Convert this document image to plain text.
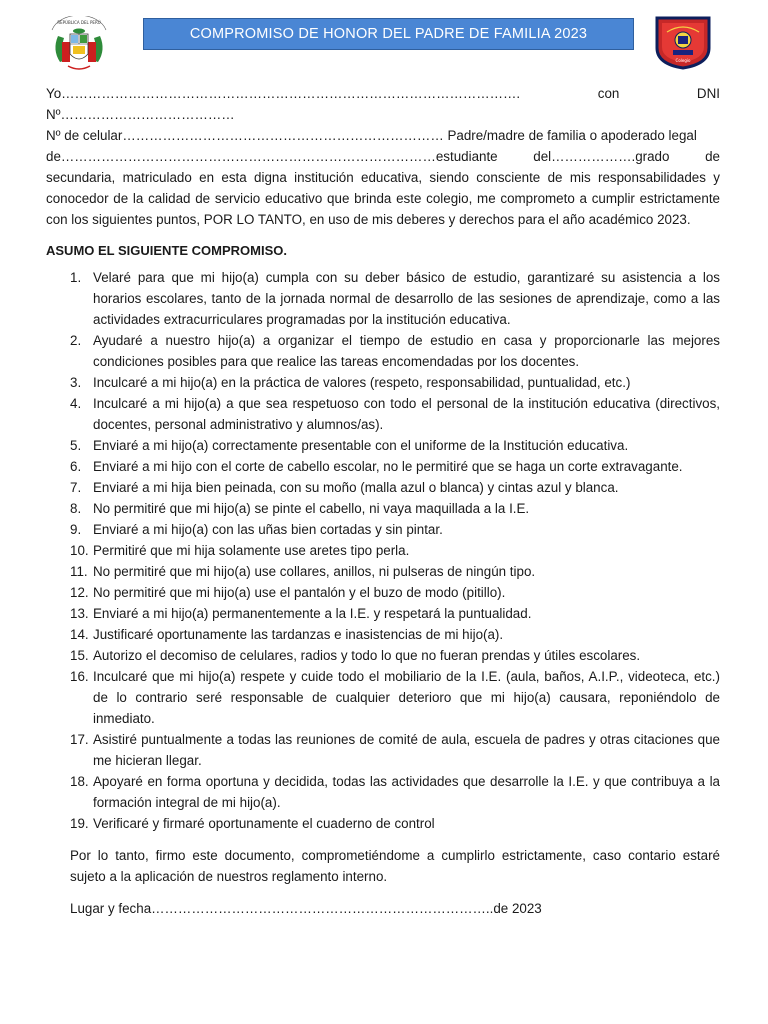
REPÚBLICA DEL PERÚ
COMPROMISO DE HONOR DEL PADRE DE FAMILIA 2023
Colegio

Yo…………………………………………………………………………………………. con DNI Nº…………………………………
Nº de celular……………………………………………………………… Padre/madre de familia o apoderado legal
de…………………………………………………………………………estudiante del……………….grado de secundaria, matriculado en esta digna institución educativa, siendo consciente de mis responsabilidades y conocedor de la calidad de servicio educativo que brinda este colegio, me comprometo a cumplir estrictamente con los siguientes puntos, POR LO TANTO, en uso de mis deberes y derechos para el año académico 2023.

ASUMO EL SIGUIENTE COMPROMISO.
1. Velaré para que mi hijo(a) cumpla con su deber básico de estudio, garantizaré su asistencia a los horarios escolares, tanto de la jornada normal de desarrollo de las sesiones de aprendizaje, como a las actividades extracurriculares programadas por la institución educativa.
2. Ayudaré a nuestro hijo(a) a organizar el tiempo de estudio en casa y proporcionarle las mejores condiciones posibles para que realice las tareas encomendadas por los docentes.
3. Inculcaré a mi hijo(a) en la práctica de valores (respeto, responsabilidad, puntualidad, etc.)
4. Inculcaré a mi hijo(a) a que sea respetuoso con todo el personal de la institución educativa (directivos, docentes, personal administrativo y alumnos/as).
5. Enviaré a mi hijo(a) correctamente presentable con el uniforme de la Institución educativa.
6. Enviaré a mi hijo con el corte de cabello escolar, no le permitiré que se haga un corte extravagante.
7. Enviaré a mi hija bien peinada, con su moño (malla azul o blanca) y cintas azul y blanca.
8. No permitiré que mi hijo(a) se pinte el cabello, ni vaya maquillada a la I.E.
9. Enviaré a mi hijo(a) con las uñas bien cortadas y sin pintar.
10. Permitiré que mi hija solamente use aretes tipo perla.
11. No permitiré que mi hijo(a) use collares, anillos, ni pulseras de ningún tipo.
12. No permitiré que mi hijo(a) use el pantalón y el buzo de modo (pitillo).
13. Enviaré a mi hijo(a) permanentemente a la I.E. y respetará la puntualidad.
14. Justificaré oportunamente las tardanzas e inasistencias de mi hijo(a).
15. Autorizo el decomiso de celulares, radios y todo lo que no fueran prendas y útiles escolares.
16. Inculcaré que mi hijo(a) respete y cuide todo el mobiliario de la I.E. (aula, baños, A.I.P., videoteca, etc.) de lo contrario seré responsable de cualquier deterioro que mi hijo(a) causara, reponiéndolo de inmediato.
17. Asistiré puntualmente a todas las reuniones de comité de aula, escuela de padres y otras citaciones que me hicieran llegar.
18. Apoyaré en forma oportuna y decidida, todas las actividades que desarrolle la I.E. y que contribuya a la formación integral de mi hijo(a).
19. Verificaré y firmaré oportunamente el cuaderno de control

Por lo tanto, firmo este documento, comprometiéndome a cumplirlo estrictamente, caso contario estaré sujeto a la aplicación de nuestros reglamento interno.

Lugar y fecha…………………………………………………………………..de 2023
